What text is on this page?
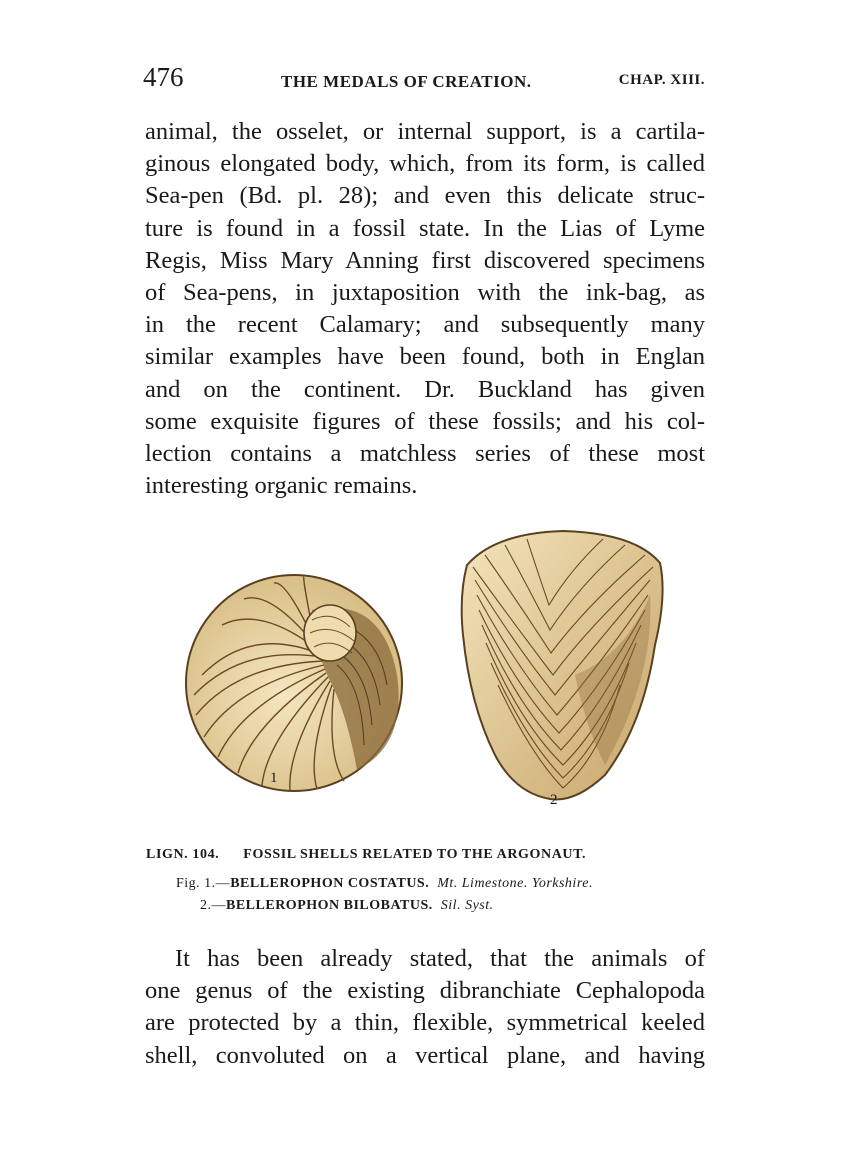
476	THE MEDALS OF CREATION.	CHAP. XIII.
animal, the osselet, or internal support, is a cartila-
ginous elongated body, which, from its form, is called
Sea-pen (Bd. pl. 28); and even this delicate struc-
ture is found in a fossil state. In the Lias of Lyme
Regis, Miss Mary Anning first discovered specimens
of Sea-pens, in juxtaposition with the ink-bag, as
in the recent Calamary; and subsequently many
similar examples have been found, both in Englan
and on the continent. Dr. Buckland has given
some exquisite figures of these fossils; and his col-
lection contains a matchless series of these most
interesting organic remains.
1
2
LIGN. 104. FOSSIL SHELLS RELATED TO THE ARGONAUT.
Fig. 1.—BELLEROPHON COSTATUS. Mt. Limestone. Yorkshire.
2.—BELLEROPHON BILOBATUS. Sil. Syst.
It has been already stated, that the animals of
one genus of the existing dibranchiate Cephalopoda
are protected by a thin, flexible, symmetrical keeled
shell, convoluted on a vertical plane, and having
